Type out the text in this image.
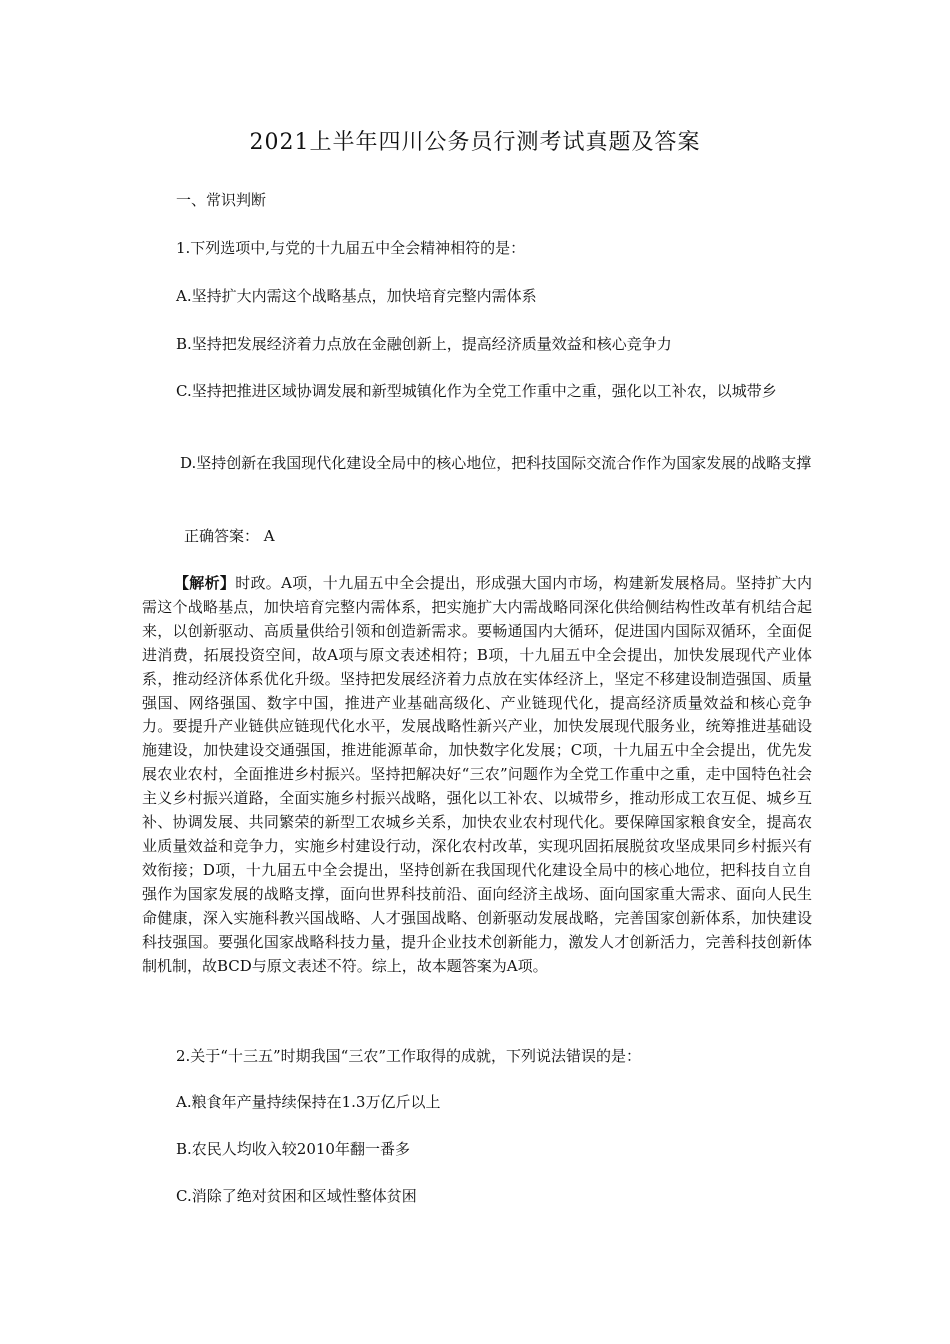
2021上半年四川公务员行测考试真题及答案
一、常识判断
1.下列选项中,与党的十九届五中全会精神相符的是：
A.坚持扩大内需这个战略基点，加快培育完整内需体系
B.坚持把发展经济着力点放在金融创新上，提高经济质量效益和核心竞争力
C.坚持把推进区域协调发展和新型城镇化作为全党工作重中之重，强化以工补农，以城带乡
D.坚持创新在我国现代化建设全局中的核心地位，把科技国际交流合作作为国家发展的战略支撑
正确答案： A
【解析】时政。A项，十九届五中全会提出，形成强大国内市场，构建新发展格局。坚持扩大内需这个战略基点，加快培育完整内需体系，把实施扩大内需战略同深化供给侧结构性改革有机结合起来，以创新驱动、高质量供给引领和创造新需求。要畅通国内大循环，促进国内国际双循环，全面促进消费，拓展投资空间，故A项与原文表述相符；B项，十九届五中全会提出，加快发展现代产业体系，推动经济体系优化升级。坚持把发展经济着力点放在实体经济上，坚定不移建设制造强国、质量强国、网络强国、数字中国，推进产业基础高级化、产业链现代化，提高经济质量效益和核心竞争力。要提升产业链供应链现代化水平，发展战略性新兴产业，加快发展现代服务业，统筹推进基础设施建设，加快建设交通强国，推进能源革命，加快数字化发展；C项，十九届五中全会提出，优先发展农业农村，全面推进乡村振兴。坚持把解决好“三农”问题作为全党工作重中之重，走中国特色社会主义乡村振兴道路，全面实施乡村振兴战略，强化以工补农、以城带乡，推动形成工农互促、城乡互补、协调发展、共同繁荣的新型工农城乡关系，加快农业农村现代化。要保障国家粮食安全，提高农业质量效益和竞争力，实施乡村建设行动，深化农村改革，实现巩固拓展脱贫攻坚成果同乡村振兴有效衔接；D项，十九届五中全会提出，坚持创新在我国现代化建设全局中的核心地位，把科技自立自强作为国家发展的战略支撑，面向世界科技前沿、面向经济主战场、面向国家重大需求、面向人民生命健康，深入实施科教兴国战略、人才强国战略、创新驱动发展战略，完善国家创新体系，加快建设科技强国。要强化国家战略科技力量，提升企业技术创新能力，激发人才创新活力，完善科技创新体制机制，故BCD与原文表述不符。综上，故本题答案为A项。
2.关于“十三五”时期我国“三农”工作取得的成就，下列说法错误的是：
A.粮食年产量持续保持在1.3万亿斤以上
B.农民人均收入较2010年翻一番多
C.消除了绝对贫困和区域性整体贫困
